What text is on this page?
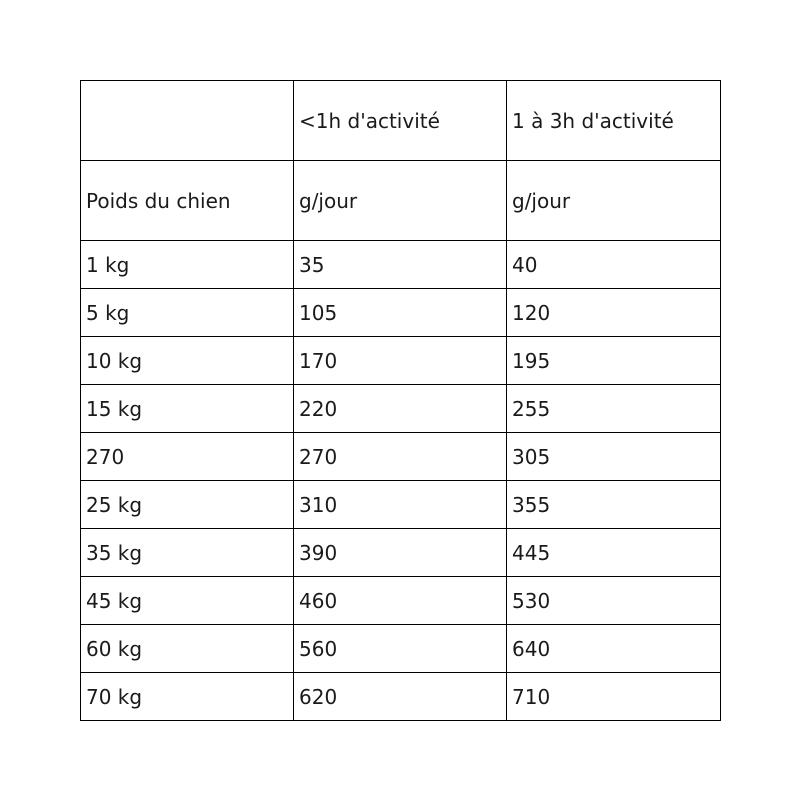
	<1h d'activité	1 à 3h d'activité
Poids du chien	g/jour	g/jour
1 kg	35	40
5 kg	105	120
10 kg	170	195
15 kg	220	255
270	270	305
25 kg	310	355
35 kg	390	445
45 kg	460	530
60 kg	560	640
70 kg	620	710
